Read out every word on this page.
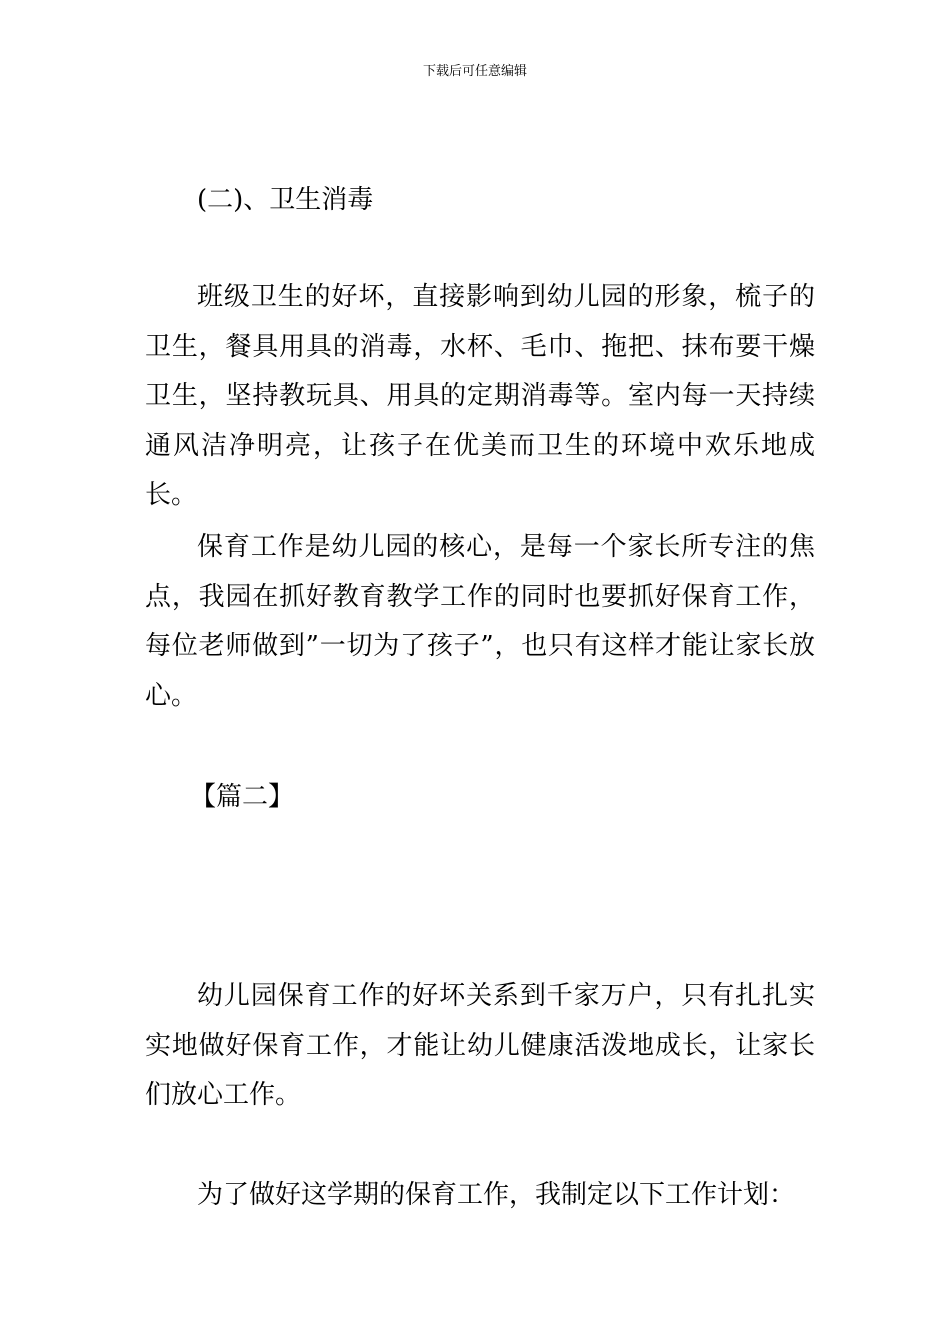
下载后可任意编辑

(二)、卫生消毒

班级卫生的好坏，直接影响到幼儿园的形象，梳子的卫生，餐具用具的消毒，水杯、毛巾、拖把、抹布要干燥卫生，坚持教玩具、用具的定期消毒等。室内每一天持续通风洁净明亮，让孩子在优美而卫生的环境中欢乐地成长。

保育工作是幼儿园的核心，是每一个家长所专注的焦点，我园在抓好教育教学工作的同时也要抓好保育工作，每位老师做到”一切为了孩子”，也只有这样才能让家长放心。

【篇二】

幼儿园保育工作的好坏关系到千家万户，只有扎扎实实地做好保育工作，才能让幼儿健康活泼地成长，让家长们放心工作。

为了做好这学期的保育工作，我制定以下工作计划：
